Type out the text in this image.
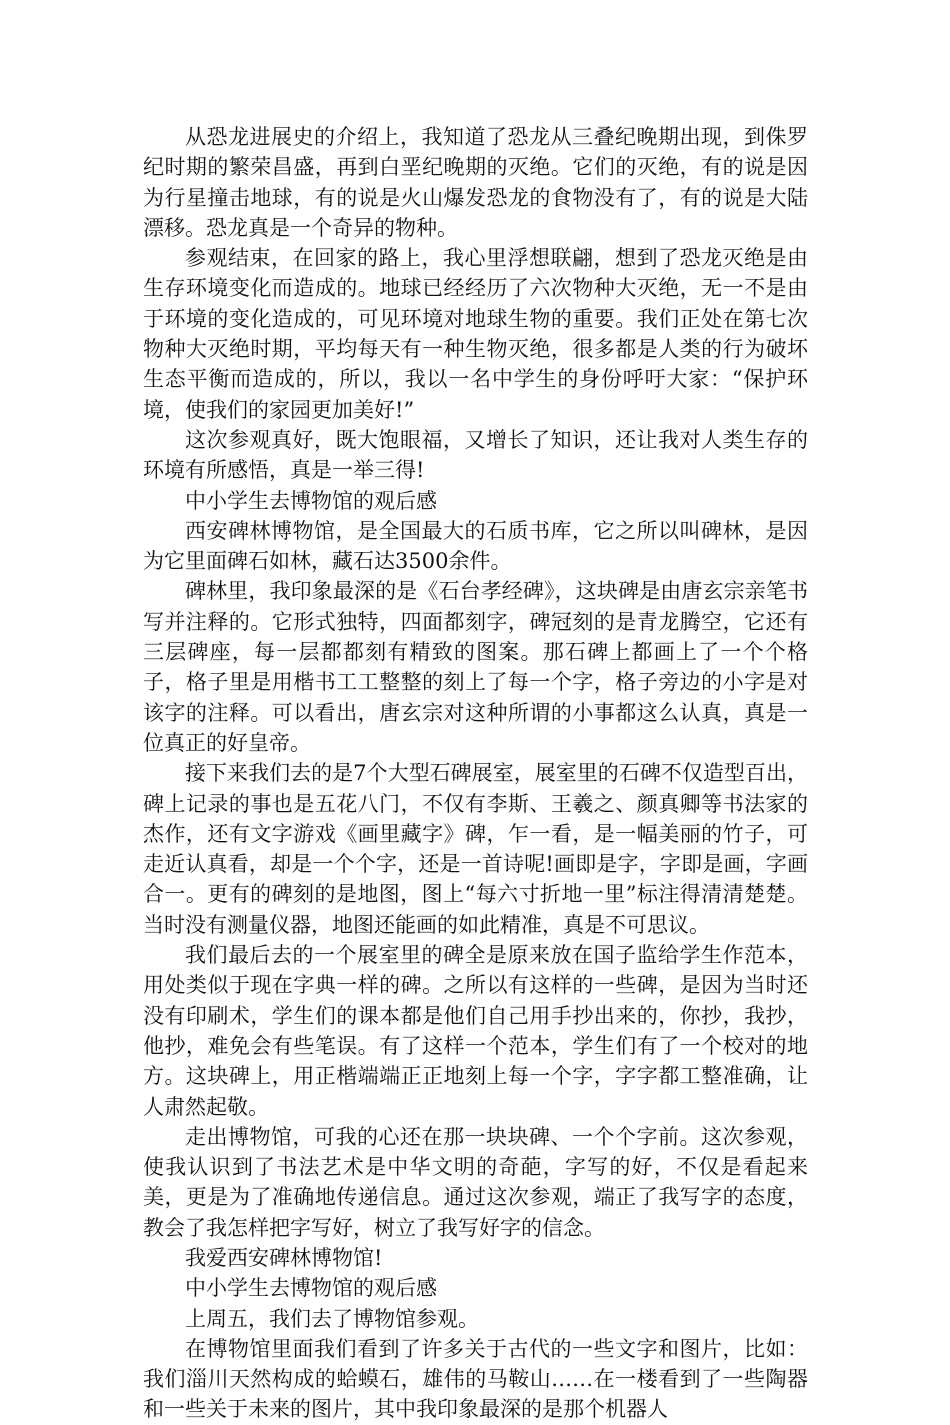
从恐龙进展史的介绍上，我知道了恐龙从三叠纪晚期出现，到侏罗纪时期的繁荣昌盛，再到白垩纪晚期的灭绝。它们的灭绝，有的说是因为行星撞击地球，有的说是火山爆发恐龙的食物没有了，有的说是大陆漂移。恐龙真是一个奇异的物种。

参观结束，在回家的路上，我心里浮想联翩，想到了恐龙灭绝是由生存环境变化而造成的。地球已经经历了六次物种大灭绝，无一不是由于环境的变化造成的，可见环境对地球生物的重要。我们正处在第七次物种大灭绝时期，平均每天有一种生物灭绝，很多都是人类的行为破坏生态平衡而造成的，所以，我以一名中学生的身份呼吁大家：“保护环境，使我们的家园更加美好!”

这次参观真好，既大饱眼福，又增长了知识，还让我对人类生存的环境有所感悟，真是一举三得!

中小学生去博物馆的观后感

西安碑林博物馆，是全国最大的石质书库，它之所以叫碑林，是因为它里面碑石如林，藏石达3500余件。

碑林里，我印象最深的是《石台孝经碑》，这块碑是由唐玄宗亲笔书写并注释的。它形式独特，四面都刻字，碑冠刻的是青龙腾空，它还有三层碑座，每一层都都刻有精致的图案。那石碑上都画上了一个个格子，格子里是用楷书工工整整的刻上了每一个字，格子旁边的小字是对该字的注释。可以看出，唐玄宗对这种所谓的小事都这么认真，真是一位真正的好皇帝。

接下来我们去的是7个大型石碑展室，展室里的石碑不仅造型百出，碑上记录的事也是五花八门，不仅有李斯、王羲之、颜真卿等书法家的杰作，还有文字游戏《画里藏字》碑，乍一看，是一幅美丽的竹子，可走近认真看，却是一个个字，还是一首诗呢!画即是字，字即是画，字画合一。更有的碑刻的是地图，图上“每六寸折地一里”标注得清清楚楚。当时没有测量仪器，地图还能画的如此精准，真是不可思议。

我们最后去的一个展室里的碑全是原来放在国子监给学生作范本，用处类似于现在字典一样的碑。之所以有这样的一些碑，是因为当时还没有印刷术，学生们的课本都是他们自己用手抄出来的，你抄，我抄，他抄，难免会有些笔误。有了这样一个范本，学生们有了一个校对的地方。这块碑上，用正楷端端正正地刻上每一个字，字字都工整准确，让人肃然起敬。

走出博物馆，可我的心还在那一块块碑、一个个字前。这次参观，使我认识到了书法艺术是中华文明的奇葩，字写的好，不仅是看起来美，更是为了准确地传递信息。通过这次参观，端正了我写字的态度，教会了我怎样把字写好，树立了我写好字的信念。

我爱西安碑林博物馆!

中小学生去博物馆的观后感

上周五，我们去了博物馆参观。

在博物馆里面我们看到了许多关于古代的一些文字和图片，比如：我们淄川天然构成的蛤蟆石，雄伟的马鞍山……在一楼看到了一些陶器和一些关于未来的图片，其中我印象最深的是那个机器人
